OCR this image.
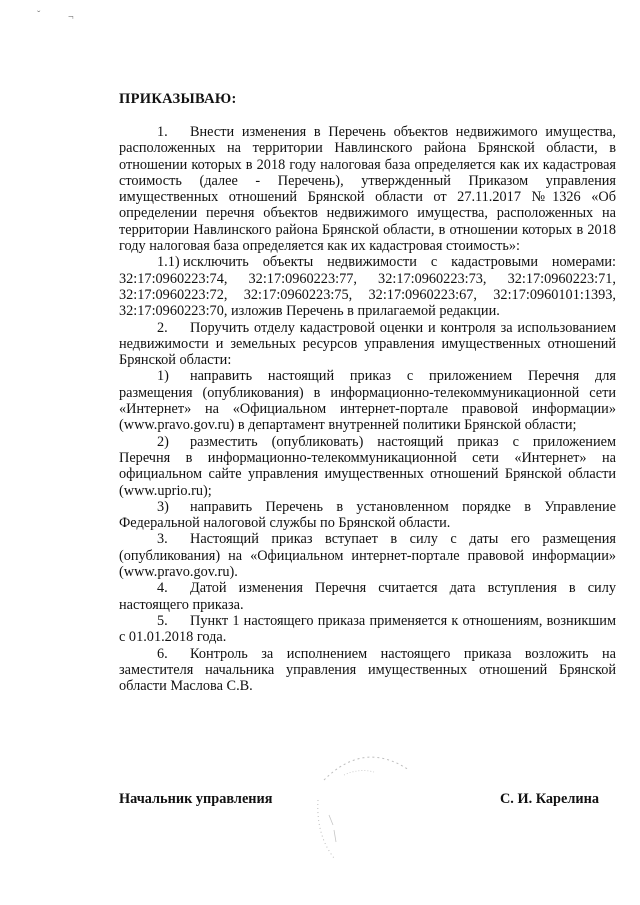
ˇ	¬
ПРИКАЗЫВАЮ:

1. Внести изменения в Перечень объектов недвижимого имущества, расположенных на территории Навлинского района Брянской области, в отношении которых в 2018 году налоговая база определяется как их кадастровая стоимость (далее - Перечень), утвержденный Приказом управления имущественных отношений Брянской области от 27.11.2017 №1326 «Об определении перечня объектов недвижимого имущества, расположенных на территории Навлинского района Брянской области, в отношении которых в 2018 году налоговая база определяется как их кадастровая стоимость»:

1.1) исключить объекты недвижимости с кадастровыми номерами: 32:17:0960223:74, 32:17:0960223:77, 32:17:0960223:73, 32:17:0960223:71, 32:17:0960223:72, 32:17:0960223:75, 32:17:0960223:67, 32:17:0960101:1393, 32:17:0960223:70, изложив Перечень в прилагаемой редакции.

2. Поручить отделу кадастровой оценки и контроля за использованием недвижимости и земельных ресурсов управления имущественных отношений Брянской области:

1) направить настоящий приказ с приложением Перечня для размещения (опубликования) в информационно-телекоммуникационной сети «Интернет» на «Официальном интернет-портале правовой информации» (www.pravo.gov.ru) в департамент внутренней политики Брянской области;

2) разместить (опубликовать) настоящий приказ с приложением Перечня в информационно-телекоммуникационной сети «Интернет» на официальном сайте управления имущественных отношений Брянской области (www.uprio.ru);

3) направить Перечень в установленном порядке в Управление Федеральной налоговой службы по Брянской области.

3. Настоящий приказ вступает в силу с даты его размещения (опубликования) на «Официальном интернет-портале правовой информации» (www.pravo.gov.ru).

4. Датой изменения Перечня считается дата вступления в силу настоящего приказа.

5. Пункт 1 настоящего приказа применяется к отношениям, возникшим с 01.01.2018 года.

6. Контроль за исполнением настоящего приказа возложить на заместителя начальника управления имущественных отношений Брянской области Маслова С.В.

Начальник управления	С. И. Карелина
